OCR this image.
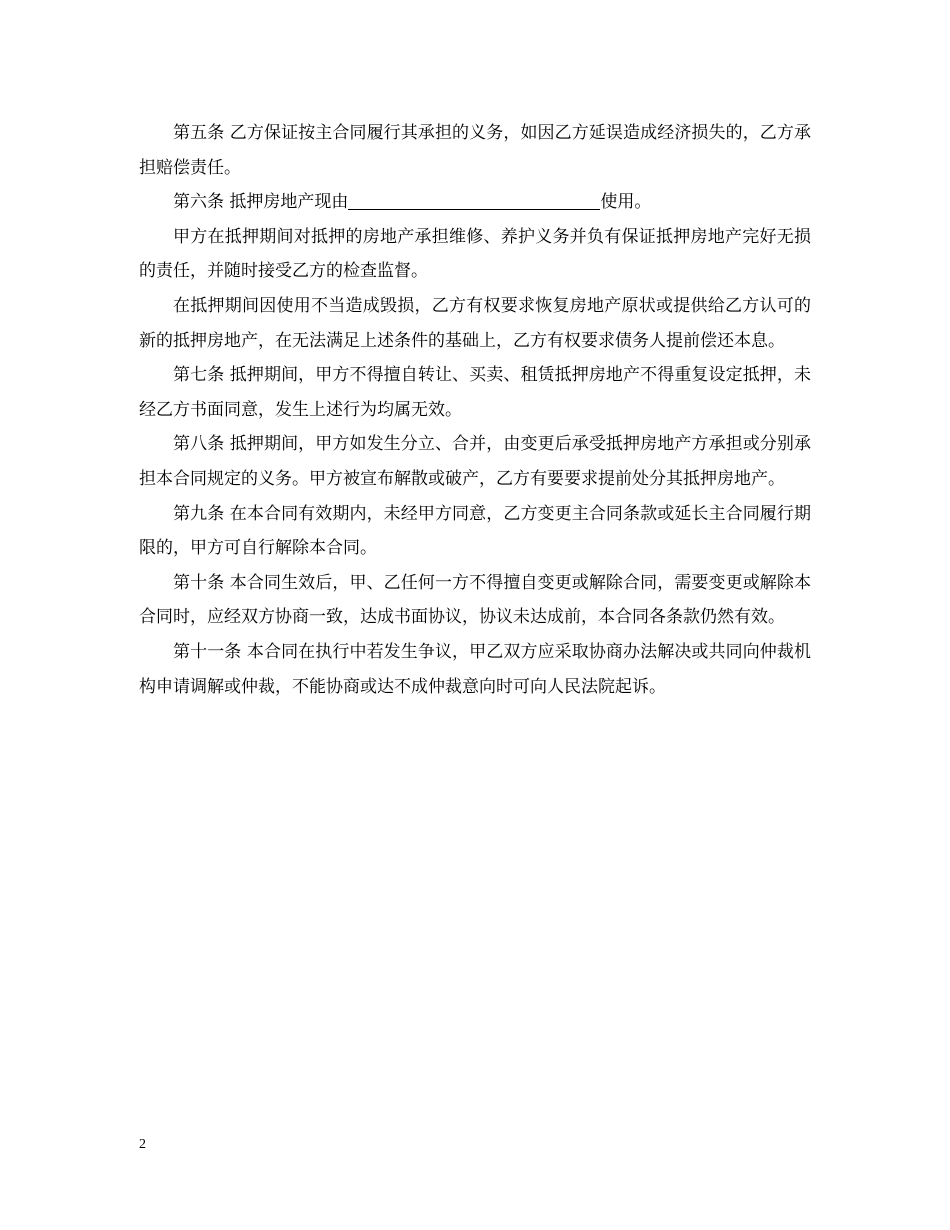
第五条 乙方保证按主合同履行其承担的义务，如因乙方延误造成经济损失的，乙方承担赔偿责任。

第六条 抵押房地产现由	使用。

甲方在抵押期间对抵押的房地产承担维修、养护义务并负有保证抵押房地产完好无损的责任，并随时接受乙方的检查监督。

在抵押期间因使用不当造成毁损，乙方有权要求恢复房地产原状或提供给乙方认可的新的抵押房地产，在无法满足上述条件的基础上，乙方有权要求债务人提前偿还本息。

第七条 抵押期间，甲方不得擅自转让、买卖、租赁抵押房地产不得重复设定抵押，未经乙方书面同意，发生上述行为均属无效。

第八条 抵押期间，甲方如发生分立、合并，由变更后承受抵押房地产方承担或分别承担本合同规定的义务。甲方被宣布解散或破产，乙方有要要求提前处分其抵押房地产。

第九条 在本合同有效期内，未经甲方同意，乙方变更主合同条款或延长主合同履行期限的，甲方可自行解除本合同。

第十条 本合同生效后，甲、乙任何一方不得擅自变更或解除合同，需要变更或解除本合同时，应经双方协商一致，达成书面协议，协议未达成前，本合同各条款仍然有效。

第十一条 本合同在执行中若发生争议，甲乙双方应采取协商办法解决或共同向仲裁机构申请调解或仲裁，不能协商或达不成仲裁意向时可向人民法院起诉。

2
